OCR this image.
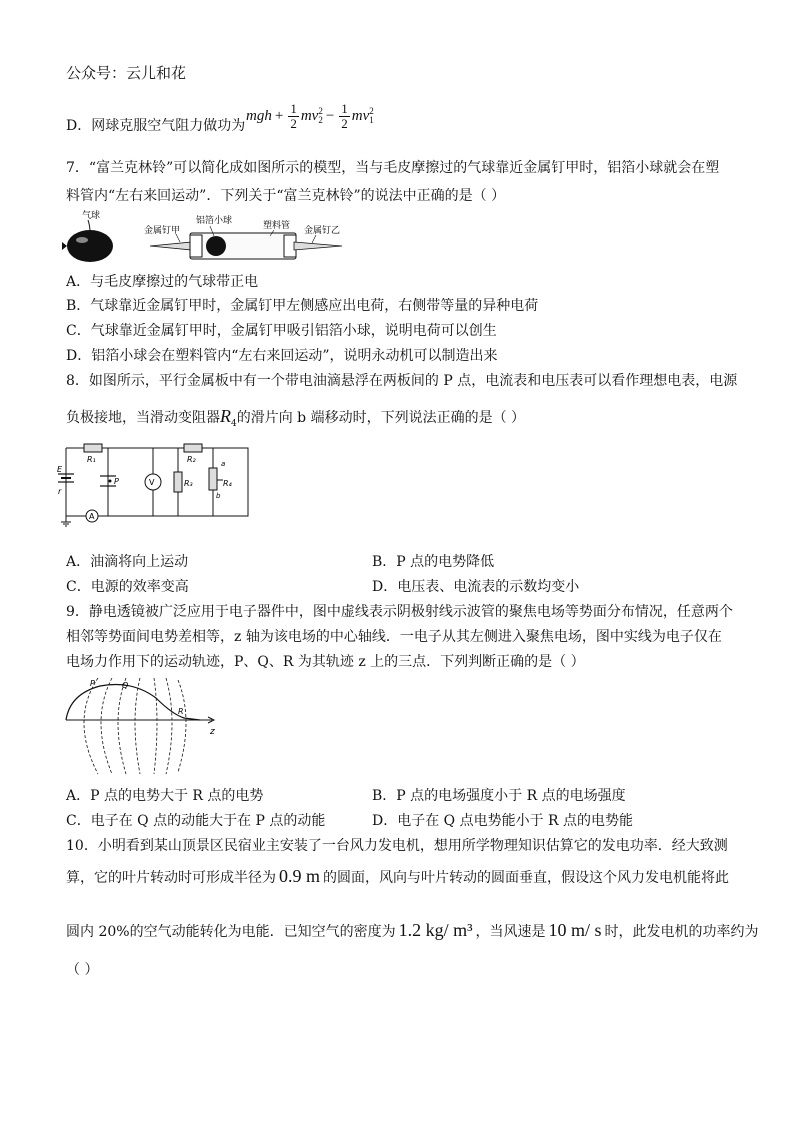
公众号：云儿和花
D．网球克服空气阻力做功为
mgh + $\frac{1}{2}$ mv 2
$2 - \frac{1}{2}$ mv 2
1
7．“富兰克林铃”可以简化成如图所示的模型，当与毛皮摩擦过的气球靠近金属钉甲时，铝箔小球就会在塑
料管内“左右来回运动”．下列关于“富兰克林铃”的说法中正确的是（ ）
气球
金属钉甲
铝箔小球	塑料管 金属钉乙
A．与毛皮摩擦过的气球带正电
B．气球靠近金属钉甲时，金属钉甲左侧感应出电荷，右侧带等量的异种电荷
C．气球靠近金属钉甲时，金属钉甲吸引铝箔小球，说明电荷可以创生
D．铝箔小球会在塑料管内“左右来回运动”，说明永动机可以制造出来
8．如图所示，平行金属板中有一个带电油滴悬浮在两板间的 P 点，电流表和电压表可以看作理想电表，电源
负极接地，当滑动变阻器$R_4$的滑片向 b 端移动时，下列说法正确的是（ ）
R₁	R₂
E
r
P	V	R₃
a
R₄
b
A
A．油滴将向上运动	B．P 点的电势降低
C．电源的效率变高	D．电压表、电流表的示数均变小
9．静电透镜被广泛应用于电子器件中，图中虚线表示阴极射线示波管的聚焦电场等势面分布情况，任意两个
相邻等势面间电势差相等，z 轴为该电场的中心轴线．一电子从其左侧进入聚焦电场，图中实线为电子仅在
电场力作用下的运动轨迹，P、Q、R 为其轨迹 z 上的三点．下列判断正确的是（ ）
z
P	Q
R
A．P 点的电势大于 R 点的电势	B．P 点的电场强度小于 R 点的电场强度
C．电子在 Q 点的动能大于在 P 点的动能	D．电子在 Q 点电势能小于 R 点的电势能
10．小明看到某山顶景区民宿业主安装了一台风力发电机，想用所学物理知识估算它的发电功率．经大致测
算，它的叶片转动时可形成半径为 0.9 m 的圆面，风向与叶片转动的圆面垂直，假设这个风力发电机能将此
圆内 20%的空气动能转化为电能．已知空气的密度为 1.2 kg/ m³ ，当风速是 10 m/ s 时，此发电机的功率约为
（ ）
